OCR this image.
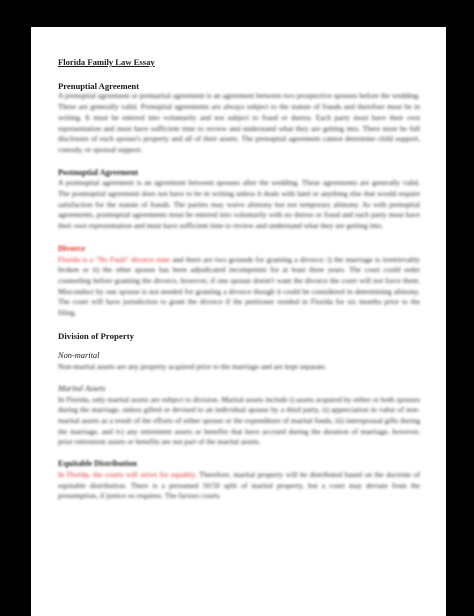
Florida Family Law Essay

Prenuptial Agreement

A prenuptial agreement or premarital agreement is an agreement between two prospective spouses before the wedding. These are generally valid. Prenuptial agreements are always subject to the statute of frauds and therefore must be in writing. It must be entered into voluntarily and not subject to fraud or duress. Each party must have their own representation and must have sufficient time to review and understand what they are getting into. There must be full disclosure of each spouse's property and all of their assets. The prenuptial agreement cannot determine child support, custody, or spousal support.

Postnuptial Agreement

A postnuptial agreement is an agreement between spouses after the wedding. These agreements are generally valid. The postnuptial agreement does not have to be in writing unless it deals with land or anything else that would require satisfaction for the statute of frauds. The parties may waive alimony but not temporary alimony. As with prenuptial agreements, postnuptial agreements must be entered into voluntarily with no duress or fraud and each party must have their own representation and must have sufficient time to review and understand what they are getting into.

Divorce

Florida is a "No Fault" divorce state and there are two grounds for granting a divorce: i) the marriage is irretrievably broken or ii) the other spouse has been adjudicated incompetent for at least three years. The court could order counseling before granting the divorce, however, if one spouse doesn't want the divorce the court will not force them. Misconduct by one spouse is not needed for granting a divorce though it could be considered in determining alimony. The court will have jurisdiction to grant the divorce if the petitioner resided in Florida for six months prior to the filing.

Division of Property

Non-marital

Non-marital assets are any property acquired prior to the marriage and are kept separate.

Marital Assets

In Florida, only marital assets are subject to division. Marital assets include i) assets acquired by either or both spouses during the marriage, unless gifted or devised to an individual spouse by a third party, ii) appreciation in value of non-marital assets as a result of the efforts of either spouse or the expenditure of marital funds, iii) interspousal gifts during the marriage, and iv) any retirement assets or benefits that have accrued during the duration of marriage, however, prior retirement assets or benefits are not part of the marital assets.

Equitable Distribution

In Florida, the courts will strive for equality. Therefore, marital property will be distributed based on the doctrine of equitable distribution. There is a presumed 50/50 split of marital property, but a court may deviate from the presumption, if justice so requires. The factors courts
